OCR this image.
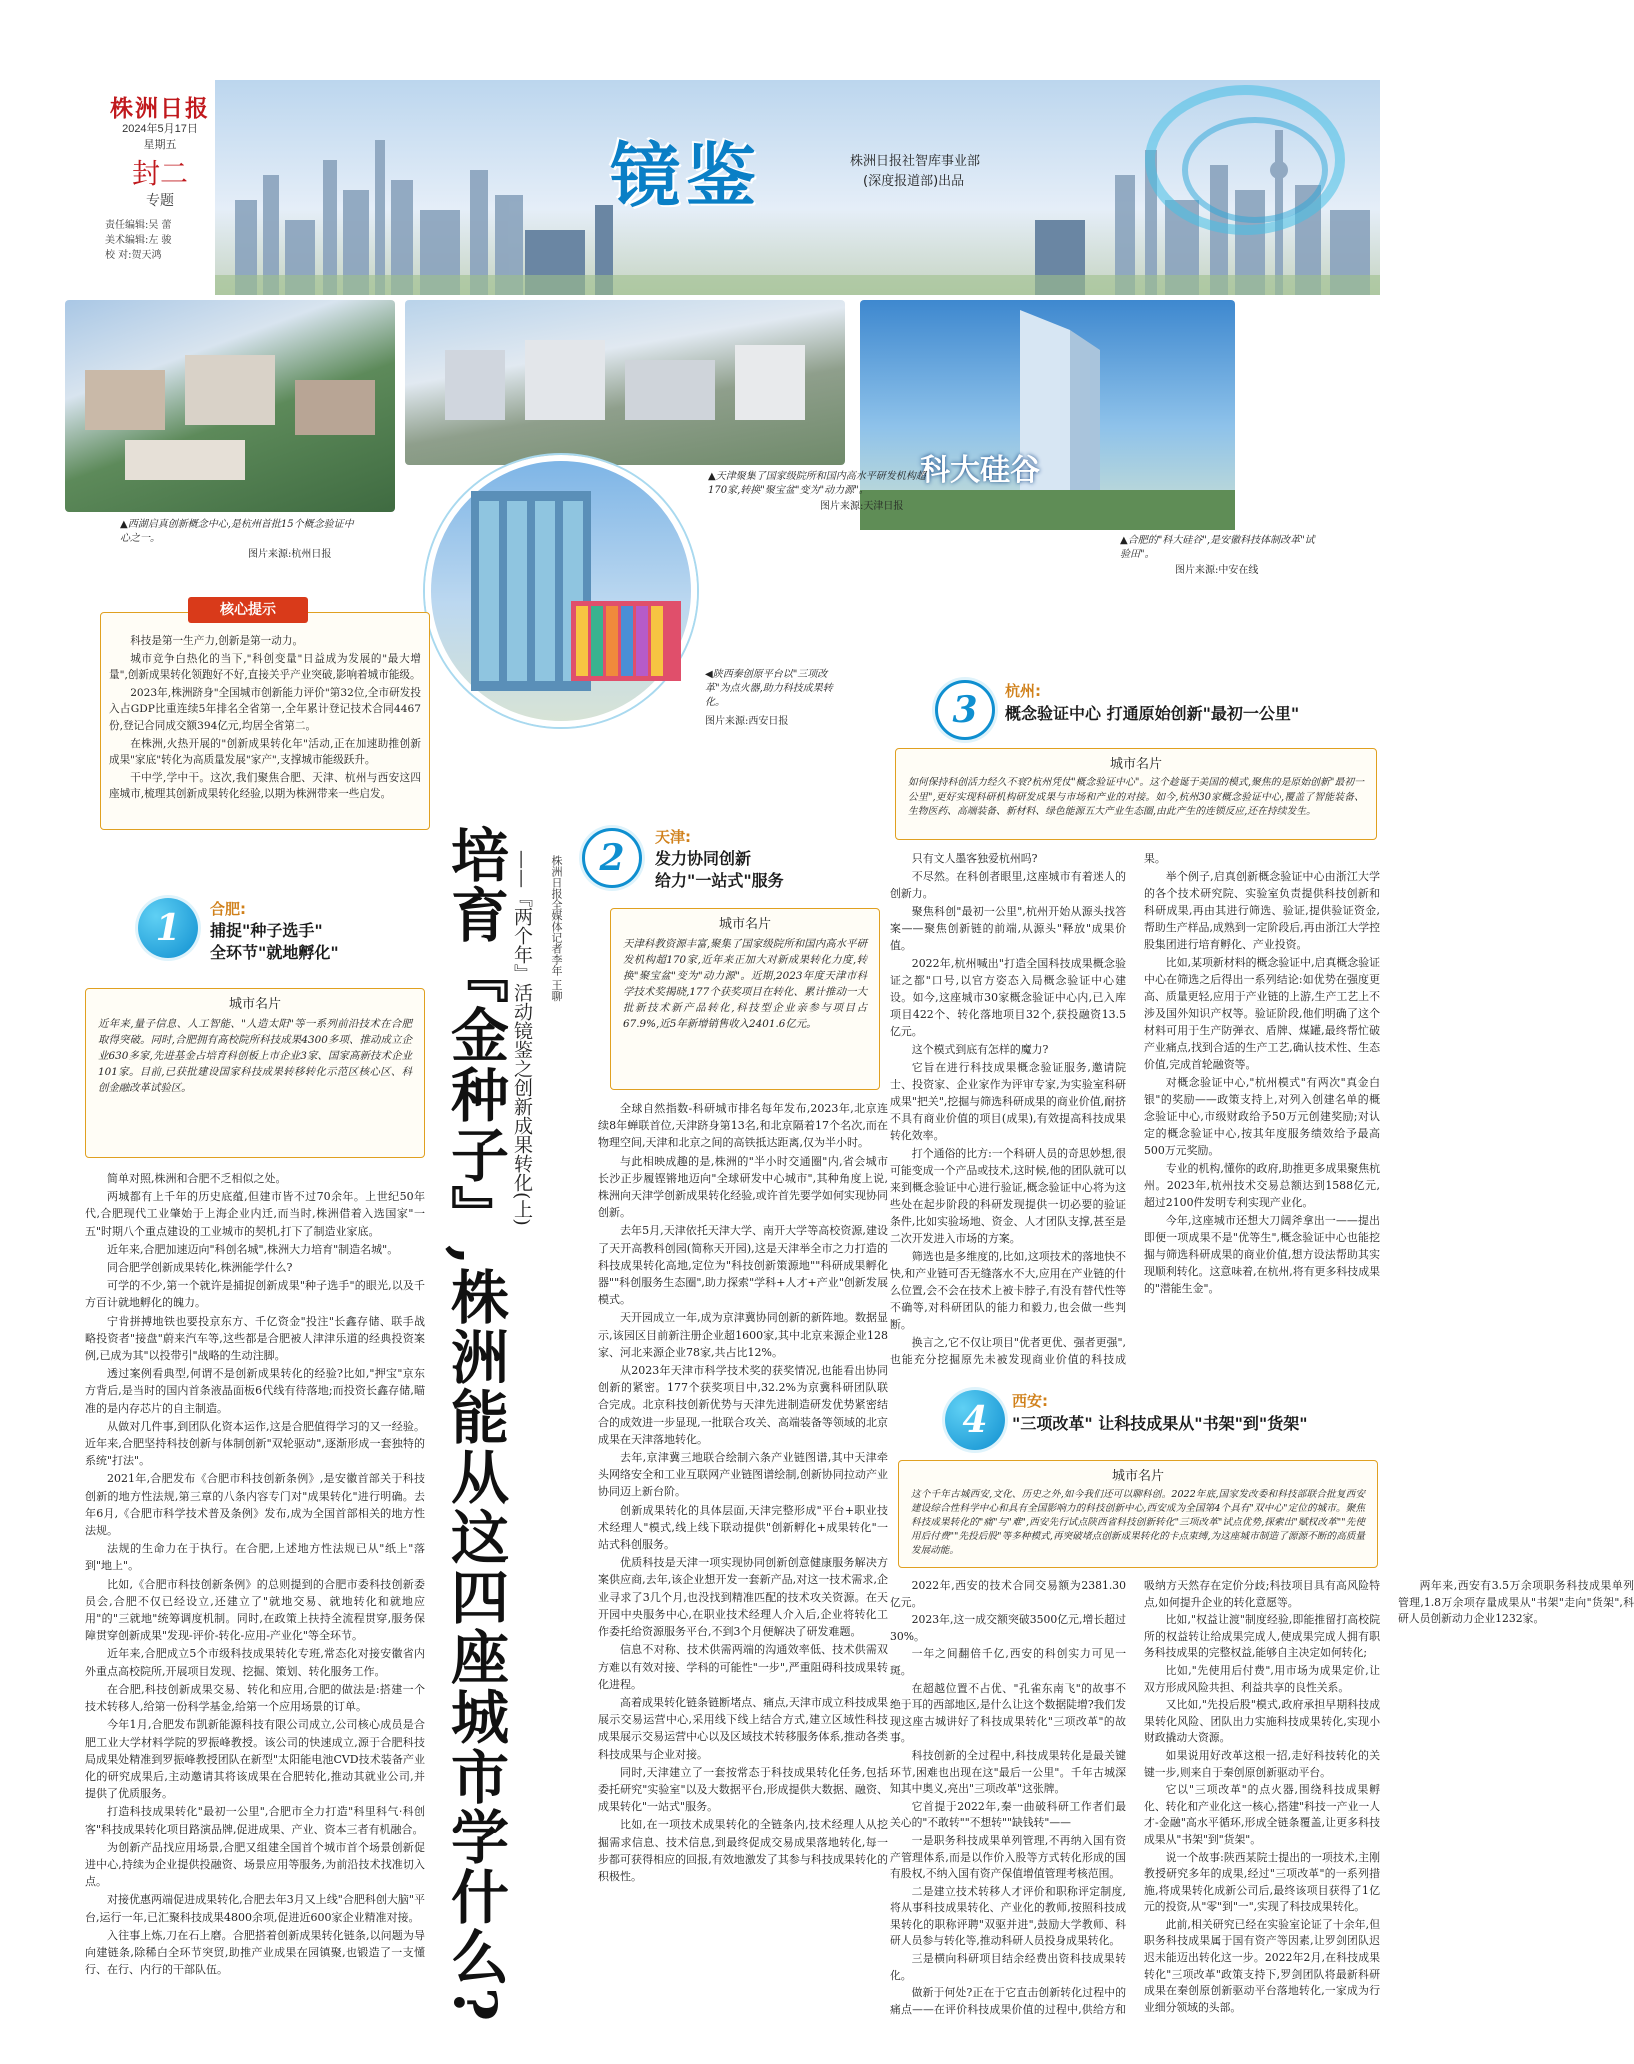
株洲日报
2024年5月17日
星期五
封二
专题
责任编辑:吴 蕾
美术编辑:左 骏
校 对:贺天鸿
镜鉴	株洲日报社智库事业部
(深度报道部)出品
科大硅谷
▲西湖启真创新概念中心,是杭州首批15个概念验证中心之一。
图片来源:杭州日报
▲天津聚集了国家级院所和国内高水平研发机构超170家,转换"聚宝盆"变为"动力源"。
图片来源:天津日报
▲合肥的"科大硅谷",是安徽科技体制改革"试验田"。
图片来源:中安在线
◀陕西秦创原平台以"三项改革"为点火器,助力科技成果转化。
图片来源:西安日报

科技是第一生产力,创新是第一动力。

城市竞争白热化的当下,"科创变量"日益成为发展的"最大增量",创新成果转化领跑好不好,直接关乎产业突破,影响着城市能级。

2023年,株洲跻身"全国城市创新能力评价"第32位,全市研发投入占GDP比重连续5年排名全省第一,全年累计登记技术合同4467份,登记合同成交额394亿元,均居全省第二。

在株洲,火热开展的"创新成果转化年"活动,正在加速助推创新成果"家底"转化为高质量发展"家产",支撑城市能级跃升。

干中学,学中干。这次,我们聚焦合肥、天津、杭州与西安这四座城市,梳理其创新成果转化经验,以期为株洲带来一些启发。

核心提示
培育『金种子』,株洲能从这四座城市学什么? ——『两个年』活动镜鉴之创新成果转化(上)	株洲日报全媒体记者李年 王聊
1	合肥:
捕捉"种子选手"
全环节"就地孵化"
城市名片
近年来,量子信息、人工智能、"人造太阳"等一系列前沿技术在合肥取得突破。同时,合肥拥有高校院所科技成果4300多项、推动成立企业630多家,先进基金占培育科创板上市企业3家、国家高新技术企业101家。目前,已获批建设国家科技成果转移转化示范区核心区、科创金融改革试验区。

简单对照,株洲和合肥不乏相似之处。

两城都有上千年的历史底蕴,但建市皆不过70余年。上世纪50年代,合肥现代工业肇始于上海企业内迁,而当时,株洲借着入选国家"一五"时期八个重点建设的工业城市的契机,打下了制造业家底。

近年来,合肥加速迈向"科创名城",株洲大力培育"制造名城"。

同合肥学创新成果转化,株洲能学什么?

可学的不少,第一个就许是捕捉创新成果"种子选手"的眼光,以及千方百计就地孵化的魄力。

宁肯拼搏地铁也要投京东方、千亿资金"投注"长鑫存储、联手战略投资者"接盘"蔚来汽车等,这些都是合肥被人津津乐道的经典投资案例,已成为其"以投带引"战略的生动注脚。

透过案例看典型,何谓不是创新成果转化的经验?比如,"押宝"京东方背后,是当时的国内首条液晶面板6代线有待落地;而投资长鑫存储,瞄准的是内存芯片的自主制造。

从做对几件事,到团队化资本运作,这是合肥值得学习的又一经验。近年来,合肥坚持科技创新与体制创新"双轮驱动",逐渐形成一套独特的系统"打法"。

2021年,合肥发布《合肥市科技创新条例》,是安徽首部关于科技创新的地方性法规,第三章的八条内容专门对"成果转化"进行明确。去年6月,《合肥市科学技术普及条例》发布,成为全国首部相关的地方性法规。

法规的生命力在于执行。在合肥,上述地方性法规已从"纸上"落到"地上"。

比如,《合肥市科技创新条例》的总则提到的合肥市委科技创新委员会,合肥不仅已经设立,还建立了"就地交易、就地转化和就地应用"的"三就地"统筹调度机制。同时,在政策上扶持全流程贯穿,服务保障贯穿创新成果"发现-评价-转化-应用-产业化"等全环节。

近年来,合肥成立5个市级科技成果转化专班,常态化对接安徽省内外重点高校院所,开展项目发现、挖掘、策划、转化服务工作。

在合肥,科技创新成果交易、转化和应用,合肥的做法是:搭建一个技术转移人,给第一份科学基金,给第一个应用场景的订单。

今年1月,合肥发布凯新能源科技有限公司成立,公司核心成员是合肥工业大学材料学院的罗振峰教授。该公司的快速成立,源于合肥科技局成果处精准到罗振峰教授团队在新型"太阳能电池CVD技术装备产业化的研究成果后,主动邀请其将该成果在合肥转化,推动其就业公司,并提供了优质服务。

打造科技成果转化"最初一公里",合肥市全力打造"科里科气·科创客"科技成果转化项目路演品牌,促进成果、产业、资本三者有机融合。

为创新产品找应用场景,合肥又组建全国首个城市首个场景创新促进中心,持续为企业提供投融资、场景应用等服务,为前沿技术找准切入点。

对接优惠两端促进成果转化,合肥去年3月又上线"合肥科创大脑"平台,运行一年,已汇聚科技成果4800余项,促进近600家企业精准对接。

入往事上炼,刀在石上磨。合肥搭着创新成果转化链条,以问题为导向建链条,除稀白全环节突贸,助推产业成果在园镇聚,也锻造了一支懂行、在行、内行的干部队伍。

2	天津:
发力协同创新
给力"一站式"服务
城市名片
天津科教资源丰富,聚集了国家级院所和国内高水平研发机构超170家,近年来正加大对新成果转化力度,转换"聚宝盆"变为"动力源"。近期,2023年度天津市科学技术奖揭晓,177个获奖项目在转化、累计推动一大批新技术新产品转化,科技型企业亲参与项目占67.9%,近5年新增销售收入2401.6亿元。

全球自然指数-科研城市排名每年发布,2023年,北京连续8年蝉联首位,天津跻身第13名,和北京隔着17个名次,而在物理空间,天津和北京之间的高铁抵达距离,仅为半小时。

与此相映成趣的是,株洲的"半小时交通圈"内,省会城市长沙正步履铿锵地迈向"全球研发中心城市",其种角度上说,株洲向天津学创新成果转化经验,或许首先要学如何实现协同创新。

去年5月,天津依托天津大学、南开大学等高校资源,建设了天开高教科创园(简称天开园),这是天津举全市之力打造的科技成果转化高地,定位为"科技创新策源地""科研成果孵化器""科创服务生态圈",助力探索"学科+人才+产业"创新发展模式。

天开园成立一年,成为京津冀协同创新的新阵地。数据显示,该园区目前新注册企业超1600家,其中北京来源企业128家、河北来源企业78家,共占比12%。

从2023年天津市科学技术奖的获奖情况,也能看出协同创新的紧密。177个获奖项目中,32.2%为京冀科研团队联合完成。北京科技创新优势与天津先进制造研发优势紧密结合的成效进一步显现,一批联合攻关、高端装备等领域的北京成果在天津落地转化。

去年,京津冀三地联合绘制六条产业链图谱,其中天津牵头网络安全和工业互联网产业链图谱绘制,创新协同拉动产业协同迈上新台阶。

创新成果转化的具体层面,天津完整形成"平台+职业技术经理人"模式,线上线下联动提供"创新孵化+成果转化"一站式科创服务。

优质科技是天津一项实现协同创新创意健康服务解决方案供应商,去年,该企业想开发一套新产品,对这一技术需求,企业寻求了3几个月,也没找到精准匹配的技术攻关资源。在天开园中央服务中心,在职业技术经理人介入后,企业将转化工作委托给资源服务平台,不到3个月便解决了研发难题。

信息不对称、技术供需两端的沟通效率低、技术供需双方难以有效对接、学科的可能性"一步",严重阻碍科技成果转化进程。

高着成果转化链条链断堵点、痛点,天津市成立科技成果展示交易运营中心,采用线下线上结合方式,建立区域性科技成果展示交易运营中心以及区域技术转移服务体系,推动各类科技成果与企业对接。

同时,天津建立了一套按常态于科技成果转化任务,包括委托研究"实验室"以及大数据平台,形成提供大数据、融资、成果转化"一站式"服务。

比如,在一项技术成果转化的全链条内,技术经理人从挖掘需求信息、技术信息,到最终促成交易成果落地转化,每一步都可获得相应的回报,有效地激发了其参与科技成果转化的积极性。

3	杭州:
概念验证中心 打通原始创新"最初一公里"
城市名片
如何保持科创活力经久不衰?杭州凭仗"概念验证中心"。这个趁诞于美国的模式,聚焦的是原始创新"最初一公里",更好实现科研机构研发成果与市场和产业的对接。如今,杭州30家概念验证中心,覆盖了智能装备、生物医药、高端装备、新材料、绿色能源五大产业生态圈,由此产生的连锁反应,还在持续发生。

只有文人墨客独爱杭州吗?

不尽然。在科创者眼里,这座城市有着迷人的创新力。

聚焦科创"最初一公里",杭州开始从源头找答案——聚焦创新链的前端,从源头"释放"成果价值。

2022年,杭州喊出"打造全国科技成果概念验证之都"口号,以官方姿态入局概念验证中心建设。如今,这座城市30家概念验证中心内,已入库项目422个、转化落地项目32个,获投融资13.5亿元。

这个模式到底有怎样的魔力?

它旨在进行科技成果概念验证服务,邀请院士、投资家、企业家作为评审专家,为实验室科研成果"把关",挖掘与筛选科研成果的商业价值,耐挤不具有商业价值的项目(成果),有效提高科技成果转化效率。

打个通俗的比方:一个科研人员的奇思妙想,很可能变成一个产品或技术,这时候,他的团队就可以来到概念验证中心进行验证,概念验证中心将为这些处在起步阶段的科研发现提供一切必要的验证条件,比如实验场地、资金、人才团队支撑,甚至是二次开发进入市场的方案。

筛选也是多维度的,比如,这项技术的落地快不快,和产业链可否无缝落水不大,应用在产业链的什么位置,会不会在技术上被卡脖子,有没有替代性等不确等,对科研团队的能力和毅力,也会做一些判断。

换言之,它不仅让项目"优者更优、强者更强",也能充分挖掘原先未被发现商业价值的科技成果。

举个例子,启真创新概念验证中心由浙江大学的各个技术研究院、实验室负责提供科技创新和科研成果,再由其进行筛选、验证,提供验证资金,帮助生产样品,成熟到一定阶段后,再由浙江大学控股集团进行培育孵化、产业投资。

比如,某项新材料的概念验证中,启真概念验证中心在筛选之后得出一系列结论:如优势在强度更高、质量更轻,应用于产业链的上游,生产工艺上不涉及国外知识产权等。验证阶段,他们明确了这个材料可用于生产防弹衣、盾牌、煤罐,最终帮忙破产业痛点,找到合适的生产工艺,确认技术性、生态价值,完成首轮融资等。

对概念验证中心,"杭州模式"有两次"真金白银"的奖励——政策支持上,对列入创建名单的概念验证中心,市级财政给予50万元创建奖励;对认定的概念验证中心,按其年度服务绩效给予最高500万元奖励。

专业的机构,懂你的政府,助推更多成果聚焦杭州。2023年,杭州技术交易总额达到1588亿元,超过2100件发明专利实现产业化。

今年,这座城市还想大刀阔斧拿出一——提出即便一项成果不是"优等生",概念验证中心也能挖掘与筛选科研成果的商业价值,想方设法帮助其实现顺利转化。这意味着,在杭州,将有更多科技成果的"潜能生金"。

4	西安:
"三项改革" 让科技成果从"书架"到"货架"
城市名片
这个千年古城西安,文化、历史之外,如今我们还可以聊科创。2022年底,国家发改委和科技部联合批复西安建设综合性科学中心和具有全国影响力的科技创新中心,西安成为全国第4个具有"双中心"定位的城市。聚焦科技成果转化的"痛"与"难",西安先行试点陕西省科技创新转化"三项改革"试点优势,探索出"赋权改革""先使用后付费""先投后股"等多种模式,再突破堵点创新成果转化的卡点束缚,为这座城市制造了源源不断的高质量发展动能。

2022年,西安的技术合同交易额为2381.30亿元。

2023年,这一成交额突破3500亿元,增长超过30%。

一年之间翻倍千亿,西安的科创实力可见一斑。

在超越位置不占优、"孔雀东南飞"的故事不绝于耳的西部地区,是什么让这个数据陡增?我们发现这座古城讲好了科技成果转化"三项改革"的故事。

科技创新的全过程中,科技成果转化是最关键环节,困难也出现在这"最后一公里"。千年古城深知其中奥义,亮出"三项改革"这张牌。

它首提于2022年,秦一曲破科研工作者们最关心的"不敢转""不想转""缺钱转"——

一是职务科技成果单列管理,不再纳入国有资产管理体系,而是以作价入股等方式转化形成的国有股权,不纳入国有资产保值增值管理考核范围。

二是建立技术转移人才评价和职称评定制度,将从事科技成果转化、产业化的教师,按照科技成果转化的职称评聘"双驱并进",鼓励大学教师、科研人员参与转化等,推动科研人员投身成果转化。

三是横向科研项目结余经费出资科技成果转化。

做新于何处?正在于它直击创新转化过程中的痛点——在评价科技成果价值的过程中,供给方和吸纳方天然存在定价分歧;科技项目具有高风险特点,如何提升企业的转化意愿等。

比如,"权益让渡"制度经验,即能推留打高校院所的权益转让给成果完成人,使成果完成人拥有职务科技成果的完整权益,能够自主决定如何转化;

比如,"先使用后付费",用市场为成果定价,让双方形成风险共担、利益共享的良性关系。

又比如,"先投后股"模式,政府承担早期科技成果转化风险、团队出力实施科技成果转化,实现小财政撬动大资源。

如果说用好改革这根一招,走好科技转化的关键一步,则来自于秦创原创新驱动平台。

它以"三项改革"的点火器,围绕科技成果孵化、转化和产业化这一核心,搭建"科技一产业一人才-金融"高水平循环,形成全链条覆盖,让更多科技成果从"书架"到"货架"。

说一个故事:陕西某院士提出的一项技术,主刚教授研究多年的成果,经过"三项改革"的一系列措施,将成果转化成新公司后,最终该项目获得了1亿元的投资,从"零"到"一",实现了科技成果转化。

此前,相关研究已经在实验室论证了十余年,但职务科技成果属于国有资产等因素,让罗剑团队迟迟未能迈出转化这一步。2022年2月,在科技成果转化"三项改革"政策支持下,罗剑团队将最新科研成果在秦创原创新驱动平台落地转化,一家成为行业细分领域的头部。

两年来,西安有3.5万余项职务科技成果单列管理,1.8万余项存量成果从"书架"走向"货架",科研人员创新动力企业1232家。
